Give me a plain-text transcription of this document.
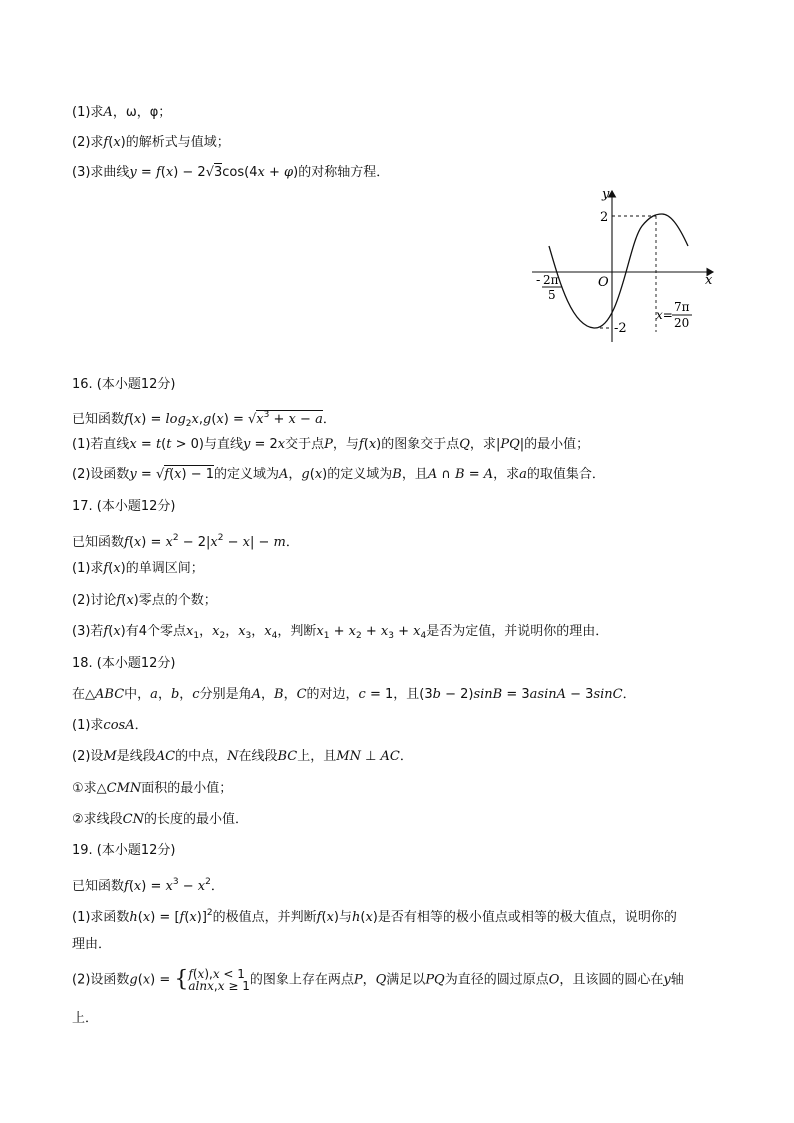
(1)求A，ω，φ；
(2)求f(x)的解析式与值域；
(3)求曲线y = f(x) − 2√3cos(4x + φ)的对称轴方程．
y
x
O
2
-2
- 2π
5
x=
7π
20
16. (本小题12分)
已知函数$f(x) = \log_2x,g(x) = √x^3 + x - a$．
(1)若直线x = t(t > 0)与直线y = 2x交于点P，与f(x)的图象交于点Q，求|PQ|的最小值；
(2)设函数y = √f(x) − 1的定义域为A，g(x)的定义域为B，且A ∩ B = A，求a的取值集合．
17. (本小题12分)
已知函数$f(x) = x^2 - 2|x^2 - x| - m$．
(1)求f(x)的单调区间；
(2)讨论f(x)零点的个数；
(3)若f(x)有4个零点$x_1$，$x_2$，$x_3$，$x_4$，判断$x_1 + x_2 + x_3 + x_4$是否为定值，并说明你的理由．
18. (本小题12分)
在△ABC中，a，b，c分别是角A，B，C的对边，c = 1，且(3b − 2)sinB = 3asinA − 3sinC．
(1)求cosA．
(2)设M是线段AC的中点，N在线段BC上，且MN ⊥ AC．
①求△CMN面积的最小值；
②求线段CN的长度的最小值．
19. (本小题12分)
已知函数$f(x) = x^3 - x^2$．
(1)求函数$h(x) = [f(x)]^2$的极值点，并判断f(x)与h(x)是否有相等的极小值点或相等的极大值点，说明你的
理由．
(2)设函数g(x) = {f(x),x < 1
alnx,x ≥ 1的图象上存在两点P，Q满足以PQ为直径的圆过原点O，且该圆的圆心在y轴
上．
